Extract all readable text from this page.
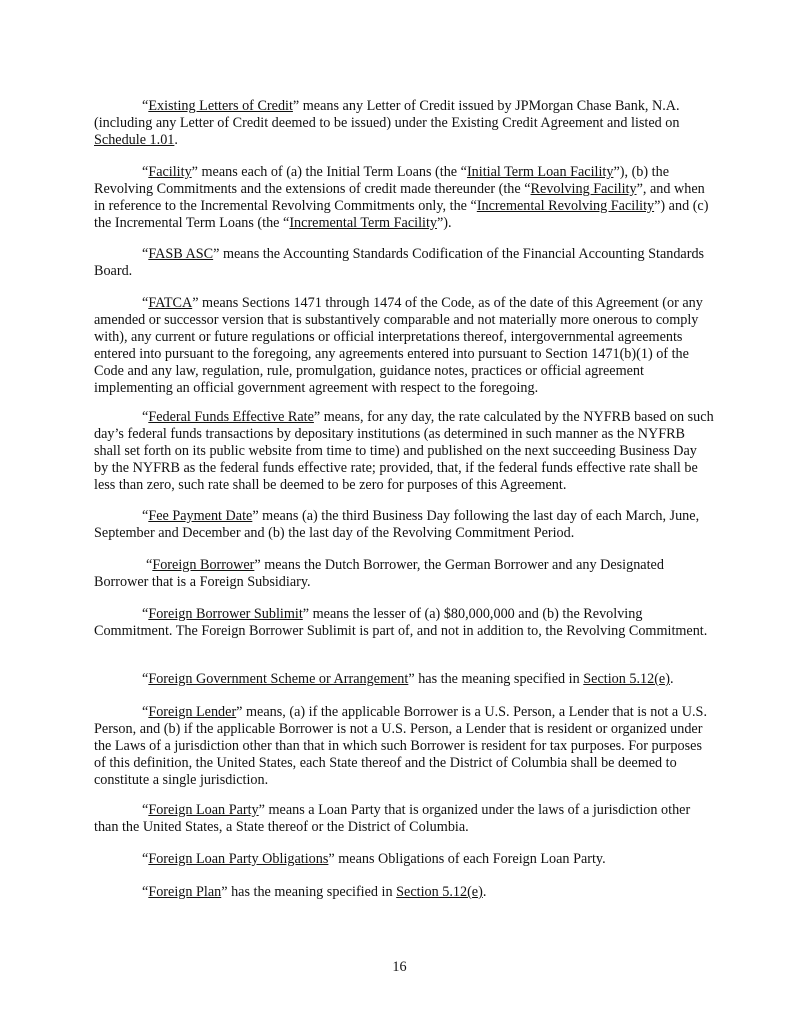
“Existing Letters of Credit” means any Letter of Credit issued by JPMorgan Chase Bank, N.A. (including any Letter of Credit deemed to be issued) under the Existing Credit Agreement and listed on Schedule 1.01.

“Facility” means each of (a) the Initial Term Loans (the “Initial Term Loan Facility”), (b) the Revolving Commitments and the extensions of credit made thereunder (the “Revolving Facility”, and when in reference to the Incremental Revolving Commitments only, the “Incremental Revolving Facility”) and (c) the Incremental Term Loans (the “Incremental Term Facility”).

“FASB ASC” means the Accounting Standards Codification of the Financial Accounting Standards Board.

“FATCA” means Sections 1471 through 1474 of the Code, as of the date of this Agreement (or any amended or successor version that is substantively comparable and not materially more onerous to comply with), any current or future regulations or official interpretations thereof, intergovernmental agreements entered into pursuant to the foregoing, any agreements entered into pursuant to Section 1471(b)(1) of the Code and any law, regulation, rule, promulgation, guidance notes, practices or official agreement implementing an official government agreement with respect to the foregoing.

“Federal Funds Effective Rate” means, for any day, the rate calculated by the NYFRB based on such day’s federal funds transactions by depositary institutions (as determined in such manner as the NYFRB shall set forth on its public website from time to time) and published on the next succeeding Business Day by the NYFRB as the federal funds effective rate; provided, that, if the federal funds effective rate shall be less than zero, such rate shall be deemed to be zero for purposes of this Agreement.

“Fee Payment Date” means (a) the third Business Day following the last day of each March, June, September and December and (b) the last day of the Revolving Commitment Period.

“Foreign Borrower” means the Dutch Borrower, the German Borrower and any Designated Borrower that is a Foreign Subsidiary.

“Foreign Borrower Sublimit” means the lesser of (a) $80,000,000 and (b) the Revolving Commitment. The Foreign Borrower Sublimit is part of, and not in addition to, the Revolving Commitment.

“Foreign Government Scheme or Arrangement” has the meaning specified in Section 5.12(e).

“Foreign Lender” means, (a) if the applicable Borrower is a U.S. Person, a Lender that is not a U.S. Person, and (b) if the applicable Borrower is not a U.S. Person, a Lender that is resident or organized under the Laws of a jurisdiction other than that in which such Borrower is resident for tax purposes. For purposes of this definition, the United States, each State thereof and the District of Columbia shall be deemed to constitute a single jurisdiction.

“Foreign Loan Party” means a Loan Party that is organized under the laws of a jurisdiction other than the United States, a State thereof or the District of Columbia.

“Foreign Loan Party Obligations” means Obligations of each Foreign Loan Party.

“Foreign Plan” has the meaning specified in Section 5.12(e).

16
